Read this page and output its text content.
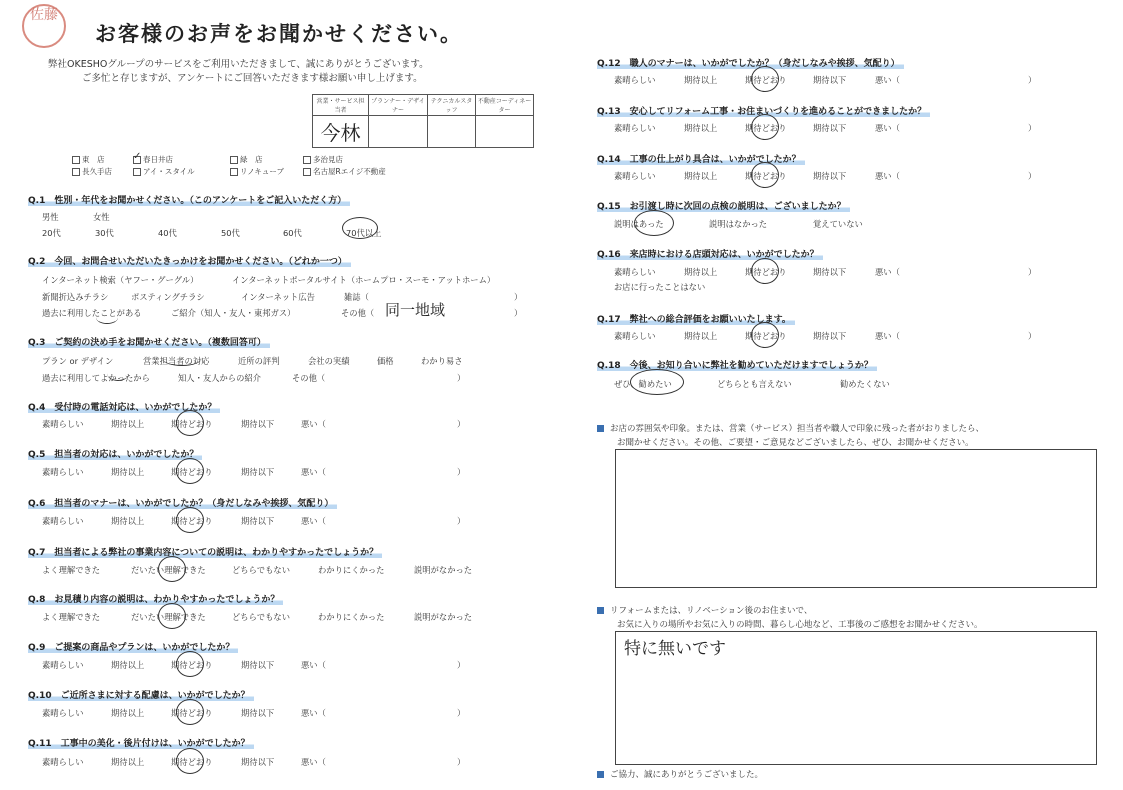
佐藤
お客様のお声をお聞かせください。
弊社OKESHOグループのサービスをご利用いただきまして、誠にありがとうございます。
ご多忙と存じますが、アンケートにご回答いただきます様お願い申し上げます。
営業・サービス担当者	プランナー・デザイナー	テクニカルスタッフ	不動産コーディネーター
今林			
東　店	✓ 春日井店	緑　店	多治見店
長久手店	アイ・スタイル	リノキューブ	名古屋Rエイジ不動産
Q.1　性別・年代をお聞かせください。（このアンケートをご記入いただく方）
男性	女性
20代	30代	40代	50代	60代	70代以上
Q.2　今回、お問合せいただいたきっかけをお聞かせください。（どれか一つ）
インターネット検索（ヤフー・グーグル）	インターネットポータルサイト（ホームプロ・スーモ・アットホーム）
新聞折込みチラシ	ポスティングチラシ	インターネット広告	雑誌（	）
過去に利用したことがある	ご紹介（知人・友人・東邦ガス）	その他（	）
同一地域
Q.3　ご契約の決め手をお聞かせください。（複数回答可）
プラン or デザイン	営業担当者の対応	近所の評判	会社の実績	価格	わかり易さ
過去に利用してよかったから	知人・友人からの紹介	その他（	）
Q.4　受付時の電話対応は、いかがでしたか？
素晴らしい	期待以上	期待どおり	期待以下	悪い（	）
Q.5　担当者の対応は、いかがでしたか？
素晴らしい	期待以上	期待どおり	期待以下	悪い（	）
Q.6　担当者のマナーは、いかがでしたか？（身だしなみや挨拶、気配り）
素晴らしい	期待以上	期待どおり	期待以下	悪い（	）
Q.7　担当者による弊社の事業内容についての説明は、わかりやすかったでしょうか？
よく理解できた	だいたい理解できた	どちらでもない	わかりにくかった	説明がなかった
Q.8　お見積り内容の説明は、わかりやすかったでしょうか？
よく理解できた	だいたい理解できた	どちらでもない	わかりにくかった	説明がなかった
Q.9　ご提案の商品やプランは、いかがでしたか？
素晴らしい	期待以上	期待どおり	期待以下	悪い（	）
Q.10　ご近所さまに対する配慮は、いかがでしたか？
素晴らしい	期待以上	期待どおり	期待以下	悪い（	）
Q.11　工事中の美化・後片付けは、いかがでしたか？
素晴らしい	期待以上	期待どおり	期待以下	悪い（	）
Q.12　職人のマナーは、いかがでしたか？（身だしなみや挨拶、気配り）
素晴らしい	期待以上	期待どおり	期待以下	悪い（	）
Q.13　安心してリフォーム工事・お住まいづくりを進めることができましたか？
素晴らしい	期待以上	期待どおり	期待以下	悪い（	）
Q.14　工事の仕上がり具合は、いかがでしたか？
素晴らしい	期待以上	期待どおり	期待以下	悪い（	）
Q.15　お引渡し時に次回の点検の説明は、ございましたか？
説明はあった	説明はなかった	覚えていない
Q.16　来店時における店頭対応は、いかがでしたか？
素晴らしい	期待以上	期待どおり	期待以下	悪い（	）
お店に行ったことはない
Q.17　弊社への総合評価をお願いいたします。
素晴らしい	期待以上	期待どおり	期待以下	悪い（	）
Q.18　今後、お知り合いに弊社を勧めていただけますでしょうか？
ぜひ、勧めたい	どちらとも言えない	勧めたくない
お店の雰囲気や印象。または、営業（サービス）担当者や職人で印象に残った者がおりましたら、
お聞かせください。その他、ご要望・ご意見などございましたら、ぜひ、お聞かせください。
リフォームまたは、リノベーション後のお住まいで、
お気に入りの場所やお気に入りの時間、暮らし心地など、工事後のご感想をお聞かせください。
特に無いです
ご協力、誠にありがとうございました。
